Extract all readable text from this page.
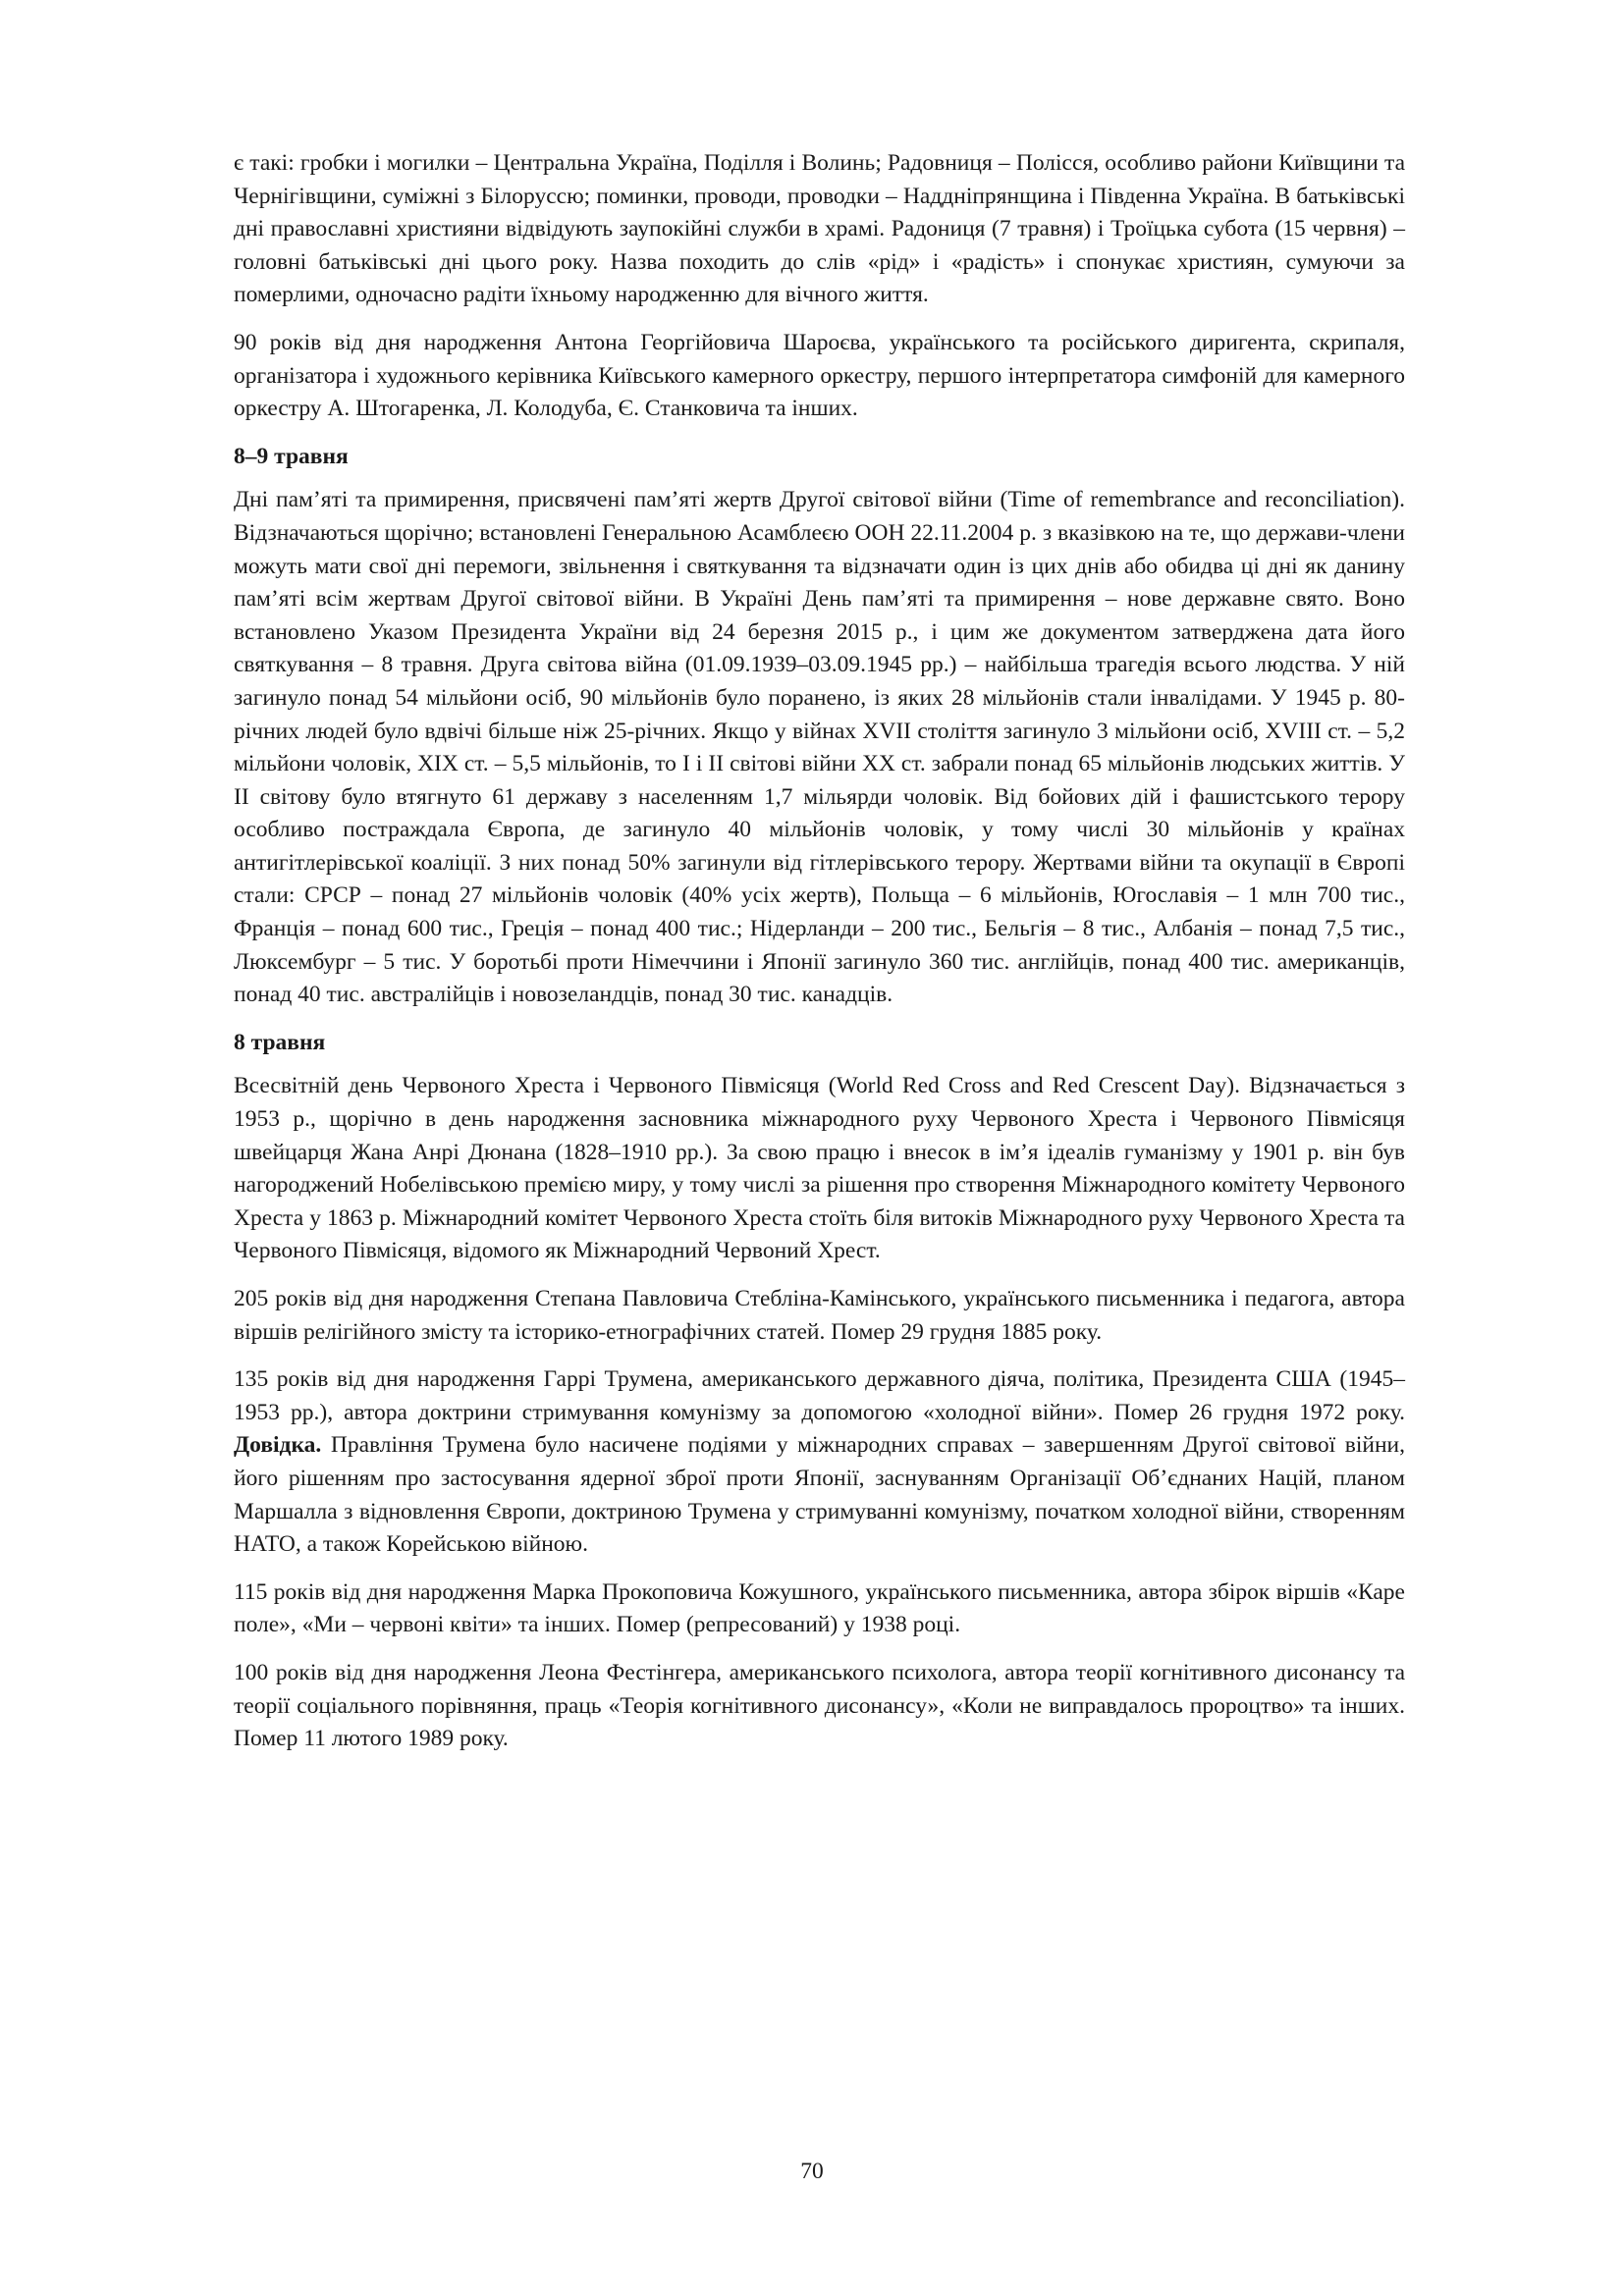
є такі: гробки і могилки – Центральна Україна, Поділля і Волинь; Радовниця – Полісся, особливо райони Київщини та Чернігівщини, суміжні з Білоруссю; поминки, проводи, проводки – Наддніпрянщина і Південна Україна. В батьківські дні православні християни відвідують заупокійні служби в храмі. Радониця (7 травня) і Троїцька субота (15 червня) – головні батьківські дні цього року. Назва походить до слів «рід» і «радість» і спонукає християн, сумуючи за померлими, одночасно радіти їхньому народженню для вічного життя.

90 років від дня народження Антона Георгійовича Шароєва, українського та російського диригента, скрипаля, організатора і художнього керівника Київського камерного оркестру, першого інтерпретатора симфоній для камерного оркестру А. Штогаренка, Л. Колодуба, Є. Станковича та інших.

8–9 травня

Дні пам’яті та примирення, присвячені пам’яті жертв Другої світової війни (Time of remembrance and reconciliation). Відзначаються щорічно; встановлені Генеральною Асамблеєю ООН 22.11.2004 р. з вказівкою на те, що держави-члени можуть мати свої дні перемоги, звільнення і святкування та відзначати один із цих днів або обидва ці дні як данину пам’яті всім жертвам Другої світової війни. В Україні День пам’яті та примирення – нове державне свято. Воно встановлено Указом Президента України від 24 березня 2015 р., і цим же документом затверджена дата його святкування – 8 травня. Друга світова війна (01.09.1939–03.09.1945 рр.) – найбільша трагедія всього людства. У ній загинуло понад 54 мільйони осіб, 90 мільйонів було поранено, із яких 28 мільйонів стали інвалідами. У 1945 р. 80-річних людей було вдвічі більше ніж 25-річних. Якщо у війнах XVII століття загинуло 3 мільйони осіб, XVIII ст. – 5,2 мільйони чоловік, XIX ст. – 5,5 мільйонів, то I і II світові війни XX ст. забрали понад 65 мільйонів людських життів. У II світову було втягнуто 61 державу з населенням 1,7 мільярди чоловік. Від бойових дій і фашистського терору особливо постраждала Європа, де загинуло 40 мільйонів чоловік, у тому числі 30 мільйонів у країнах антигітлерівської коаліції. З них понад 50% загинули від гітлерівського терору. Жертвами війни та окупації в Європі стали: СРСР – понад 27 мільйонів чоловік (40% усіх жертв), Польща – 6 мільйонів, Югославія – 1 млн 700 тис., Франція – понад 600 тис., Греція – понад 400 тис.; Нідерланди – 200 тис., Бельгія – 8 тис., Албанія – понад 7,5 тис., Люксембург – 5 тис. У боротьбі проти Німеччини і Японії загинуло 360 тис. англійців, понад 400 тис. американців, понад 40 тис. австралійців і новозеландців, понад 30 тис. канадців.

8 травня

Всесвітній день Червоного Хреста і Червоного Півмісяця (World Red Cross and Red Crescent Day). Відзначається з 1953 р., щорічно в день народження засновника міжнародного руху Червоного Хреста і Червоного Півмісяця швейцарця Жана Анрі Дюнана (1828–1910 рр.). За свою працю і внесок в ім’я ідеалів гуманізму у 1901 р. він був нагороджений Нобелівською премією миру, у тому числі за рішення про створення Міжнародного комітету Червоного Хреста у 1863 р. Міжнародний комітет Червоного Хреста стоїть біля витоків Міжнародного руху Червоного Хреста та Червоного Півмісяця, відомого як Міжнародний Червоний Хрест.

205 років від дня народження Степана Павловича Стебліна-Камінського, українського письменника і педагога, автора віршів релігійного змісту та історико-етнографічних статей. Помер 29 грудня 1885 року.

135 років від дня народження Гаррі Трумена, американського державного діяча, політика, Президента США (1945–1953 рр.), автора доктрини стримування комунізму за допомогою «холодної війни». Помер 26 грудня 1972 року. Довідка. Правління Трумена було насичене подіями у міжнародних справах – завершенням Другої світової війни, його рішенням про застосування ядерної зброї проти Японії, заснуванням Організації Об’єднаних Націй, планом Маршалла з відновлення Європи, доктриною Трумена у стримуванні комунізму, початком холодної війни, створенням НАТО, а також Корейською війною.

115 років від дня народження Марка Прокоповича Кожушного, українського письменника, автора збірок віршів «Каре поле», «Ми – червоні квіти» та інших. Помер (репресований) у 1938 році.

100 років від дня народження Леона Фестінгера, американського психолога, автора теорії когнітивного дисонансу та теорії соціального порівняння, праць «Теорія когнітивного дисонансу», «Коли не виправдалось пророцтво» та інших. Помер 11 лютого 1989 року.

70
